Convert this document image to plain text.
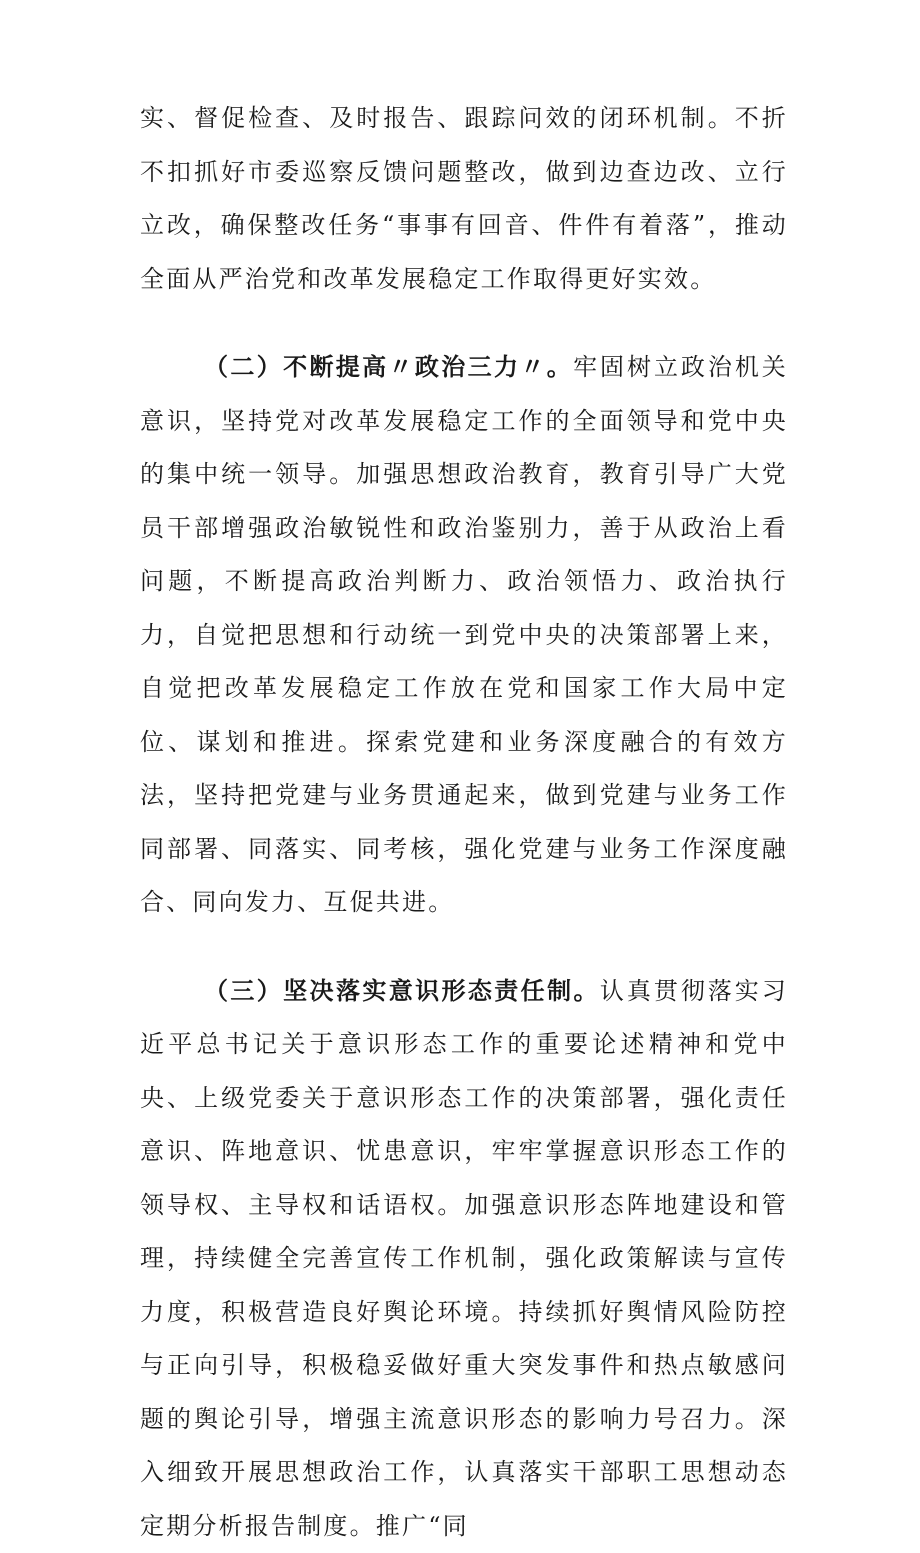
实、督促检查、及时报告、跟踪问效的闭环机制。不折不扣抓好市委巡察反馈问题整改，做到边查边改、立行立改，确保整改任务“事事有回音、件件有着落”，推动全面从严治党和改革发展稳定工作取得更好实效。

（二）不断提高〃政治三力〃。牢固树立政治机关意识，坚持党对改革发展稳定工作的全面领导和党中央的集中统一领导。加强思想政治教育，教育引导广大党员干部增强政治敏锐性和政治鉴别力，善于从政治上看问题，不断提高政治判断力、政治领悟力、政治执行力，自觉把思想和行动统一到党中央的决策部署上来，自觉把改革发展稳定工作放在党和国家工作大局中定位、谋划和推进。探索党建和业务深度融合的有效方法，坚持把党建与业务贯通起来，做到党建与业务工作同部署、同落实、同考核，强化党建与业务工作深度融合、同向发力、互促共进。

（三）坚决落实意识形态责任制。认真贯彻落实习近平总书记关于意识形态工作的重要论述精神和党中央、上级党委关于意识形态工作的决策部署，强化责任意识、阵地意识、忧患意识，牢牢掌握意识形态工作的领导权、主导权和话语权。加强意识形态阵地建设和管理，持续健全完善宣传工作机制，强化政策解读与宣传力度，积极营造良好舆论环境。持续抓好舆情风险防控与正向引导，积极稳妥做好重大突发事件和热点敏感问题的舆论引导，增强主流意识形态的影响力号召力。深入细致开展思想政治工作，认真落实干部职工思想动态定期分析报告制度。推广“同
